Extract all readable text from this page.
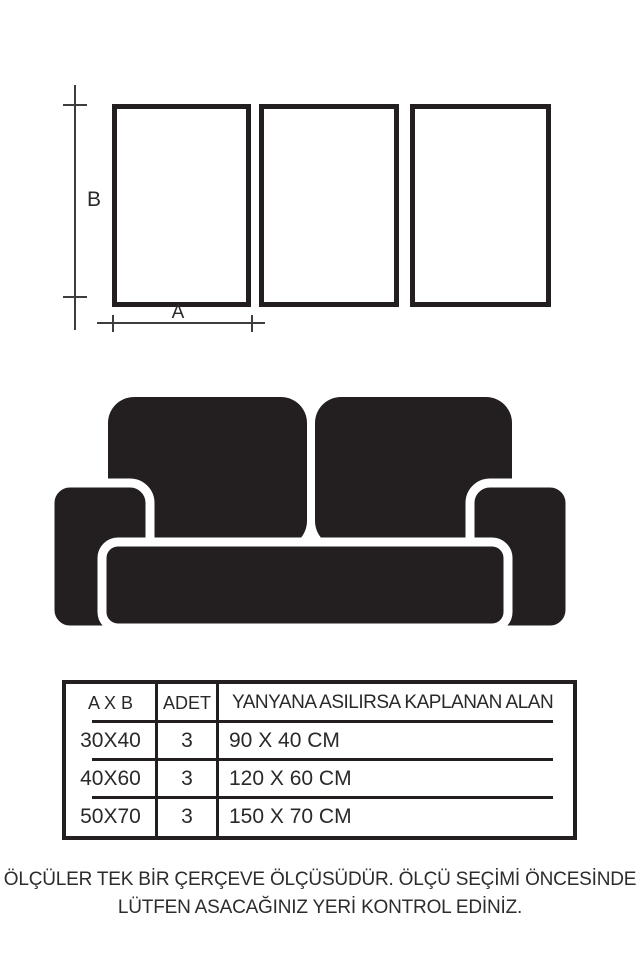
B
A
A X B	ADET	YANYANA ASILIRSA KAPLANAN ALAN
30X40	3	90 X 40 CM
40X60	3	120 X 60 CM
50X70	3	150 X 70 CM
ÖLÇÜLER TEK BİR ÇERÇEVE ÖLÇÜSÜDÜR. ÖLÇÜ SEÇİMİ ÖNCESİNDE
LÜTFEN ASACAĞINIZ YERİ KONTROL EDİNİZ.
